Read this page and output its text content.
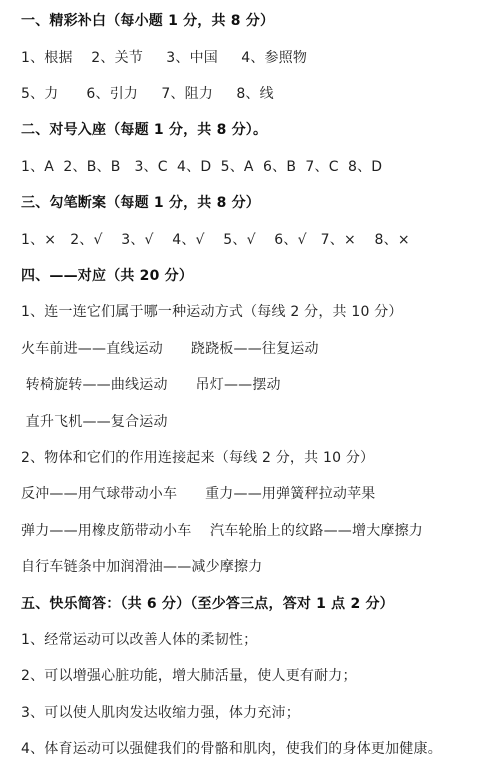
一、精彩补白（每小题 1 分，共 8 分）
1、根据    2、关节     3、中国     4、参照物
5、力      6、引力     7、阻力     8、线
二、对号入座（每题 1 分，共 8 分）。
1、A  2、B、B   3、C  4、D  5、A  6、B  7、C  8、D
三、勾笔断案（每题 1 分，共 8 分）
1、×   2、√    3、√    4、√    5、√    6、√   7、×    8、×
四、——对应（共 20 分）
1、连一连它们属于哪一种运动方式（每线 2 分，共 10 分）
火车前进——直线运动      跷跷板——往复运动
转椅旋转——曲线运动      吊灯——摆动
直升飞机——复合运动
2、物体和它们的作用连接起来（每线 2 分，共 10 分）
反冲——用气球带动小车      重力——用弹簧秤拉动苹果
弹力——用橡皮筋带动小车    汽车轮胎上的纹路——增大摩擦力
自行车链条中加润滑油——减少摩擦力
五、快乐简答：（共 6 分）（至少答三点，答对 1 点 2 分）
1、经常运动可以改善人体的柔韧性；
2、可以增强心脏功能，增大肺活量，使人更有耐力；
3、可以使人肌肉发达收缩力强，体力充沛；
4、体育运动可以强健我们的骨骼和肌肉，使我们的身体更加健康。
